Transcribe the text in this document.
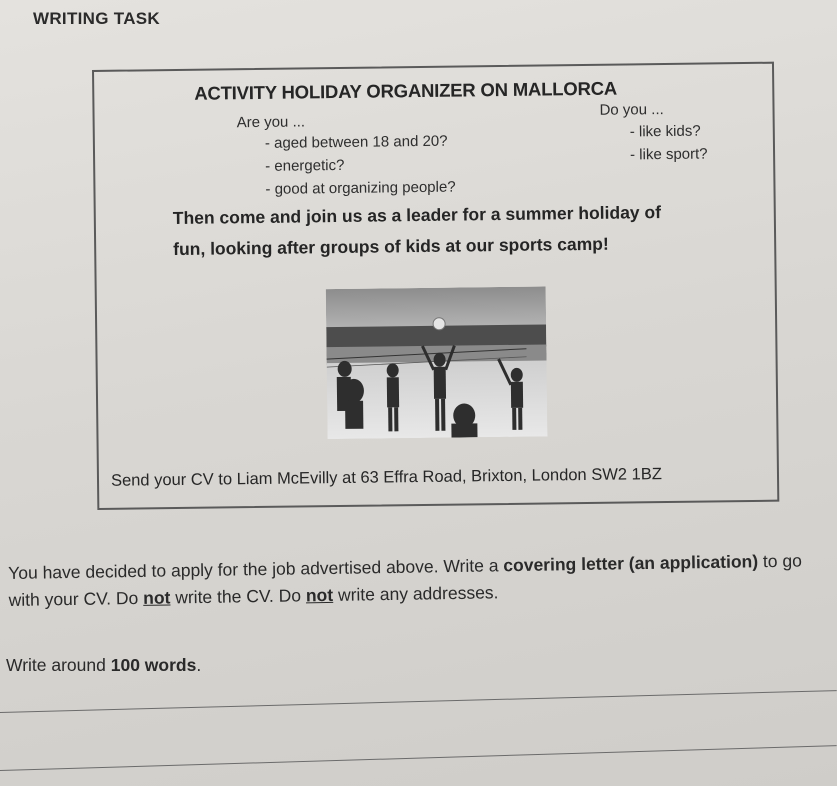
WRITING TASK
ACTIVITY HOLIDAY ORGANIZER ON MALLORCA
Are you ...
- aged between 18 and 20?
- energetic?
- good at organizing people?
Do you ...
- like kids?
- like sport?
Then come and join us as a leader for a summer holiday of fun, looking after groups of kids at our sports camp!
Send your CV to Liam McEvilly at 63 Effra Road, Brixton, London SW2 1BZ
You have decided to apply for the job advertised above. Write a covering letter (an application) to go with your CV. Do not write the CV. Do not write any addresses.
Write around 100 words.
